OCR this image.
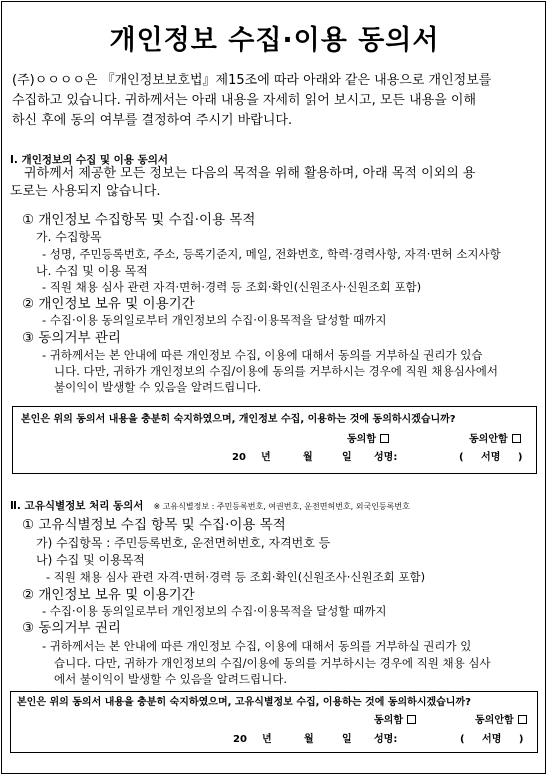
개인정보 수집·이용 동의서
(주)ㅇㅇㅇㅇ은 『개인정보보호법』제15조에 따라 아래와 같은 내용으로 개인정보를
수집하고 있습니다. 귀하께서는 아래 내용을 자세히 읽어 보시고, 모든 내용을 이해
하신 후에 동의 여부를 결정하여 주시기 바랍니다.
Ⅰ. 개인정보의 수집 및 이용 동의서
귀하께서 제공한 모든 정보는 다음의 목적을 위해 활용하며, 아래 목적 이외의 용
도로는 사용되지 않습니다.
① 개인정보 수집항목 및 수집·이용 목적
가. 수집항목
- 성명, 주민등록번호, 주소, 등록기준지, 메일, 전화번호, 학력·경력사항, 자격·면허 소지사항
나. 수집 및 이용 목적
- 직원 채용 심사 관련 자격·면허·경력 등 조회·확인(신원조사·신원조회 포함)
② 개인정보 보유 및 이용기간
- 수집·이용 동의일로부터 개인정보의 수집·이용목적을 달성할 때까지
③ 동의거부 관리
- 귀하께서는 본 안내에 따른 개인정보 수집, 이용에 대해서 동의를 거부하실 권리가 있습
니다. 다만, 귀하가 개인정보의 수집/이용에 동의를 거부하시는 경우에 직원 채용심사에서
불이익이 발생할 수 있음을 알려드립니다.
본인은 위의 동의서 내용을 충분히 숙지하였으며, 개인정보 수집, 이용하는 것에 동의하시겠습니까?
동의함	동의안함
20 년	월	일 성명:	( 서명 )
Ⅱ. 고유식별정보 처리 동의서 ※ 고유식별정보 : 주민등록번호, 여권번호, 운전면허번호, 외국인등록번호
① 고유식별정보 수집 항목 및 수집·이용 목적
가) 수집항목 : 주민등록번호, 운전면허번호, 자격번호 등
나) 수집 및 이용목적
- 직원 채용 심사 관련 자격·면허·경력 등 조회·확인(신원조사·신원조회 포함)
② 개인정보 보유 및 이용기간
- 수집·이용 동의일로부터 개인정보의 수집·이용목적을 달성할 때까지
③ 동의거부 권리
- 귀하께서는 본 안내에 따른 개인정보 수집, 이용에 대해서 동의를 거부하실 권리가 있
습니다. 다만, 귀하가 개인정보의 수집/이용에 동의를 거부하시는 경우에 직원 채용 심사
에서 불이익이 발생할 수 있음을 알려드립니다.
본인은 위의 동의서 내용을 충분히 숙지하였으며, 고유식별정보 수집, 이용하는 것에 동의하시겠습니까?
동의함	동의안함
20 년	월	일 성명:	( 서명 )
